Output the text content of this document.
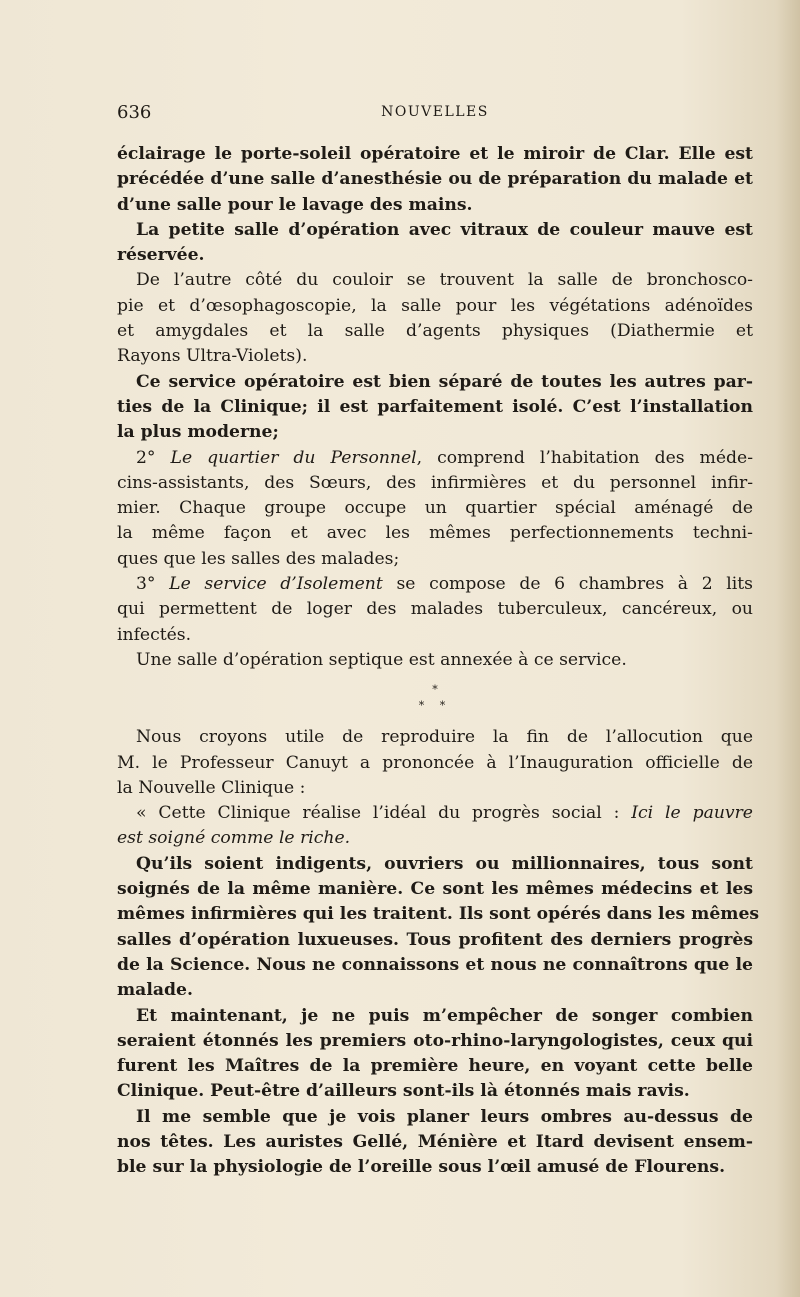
636	NOUVELLES
éclairage le porte-soleil opératoire et le miroir de Clar. Elle est
précédée d’une salle d’anesthésie ou de préparation du malade et
d’une salle pour le lavage des mains.
La petite salle d’opération avec vitraux de couleur mauve est
réservée.
De l’autre côté du couloir se trouvent la salle de bronchosco-
pie et d’œsophagoscopie, la salle pour les végétations adénoïdes
et amygdales et la salle d’agents physiques (Diathermie et
Rayons Ultra-Violets).
Ce service opératoire est bien séparé de toutes les autres par-
ties de la Clinique; il est parfaitement isolé. C’est l’installation
la plus moderne;
2° Le quartier du Personnel, comprend l’habitation des méde-
cins-assistants, des Sœurs, des infirmières et du personnel infir-
mier. Chaque groupe occupe un quartier spécial aménagé de
la même façon et avec les mêmes perfectionnements techni-
ques que les salles des malades;
3° Le service d’Isolement se compose de 6 chambres à 2 lits
qui permettent de loger des malades tuberculeux, cancéreux, ou
infectés.
Une salle d’opération septique est annexée à ce service.
*
* *
Nous croyons utile de reproduire la fin de l’allocution que
M. le Professeur Canuyt a prononcée à l’Inauguration officielle de
la Nouvelle Clinique :
« Cette Clinique réalise l’idéal du progrès social : Ici le pauvre
est soigné comme le riche.
Qu’ils soient indigents, ouvriers ou millionnaires, tous sont
soignés de la même manière. Ce sont les mêmes médecins et les
mêmes infirmières qui les traitent. Ils sont opérés dans les mêmes
salles d’opération luxueuses. Tous profitent des derniers progrès
de la Science. Nous ne connaissons et nous ne connaîtrons que le
malade.
Et maintenant, je ne puis m’empêcher de songer combien
seraient étonnés les premiers oto-rhino-laryngologistes, ceux qui
furent les Maîtres de la première heure, en voyant cette belle
Clinique. Peut-être d’ailleurs sont-ils là étonnés mais ravis.
Il me semble que je vois planer leurs ombres au-dessus de
nos têtes. Les auristes Gellé, Ménière et Itard devisent ensem-
ble sur la physiologie de l’oreille sous l’œil amusé de Flourens.
